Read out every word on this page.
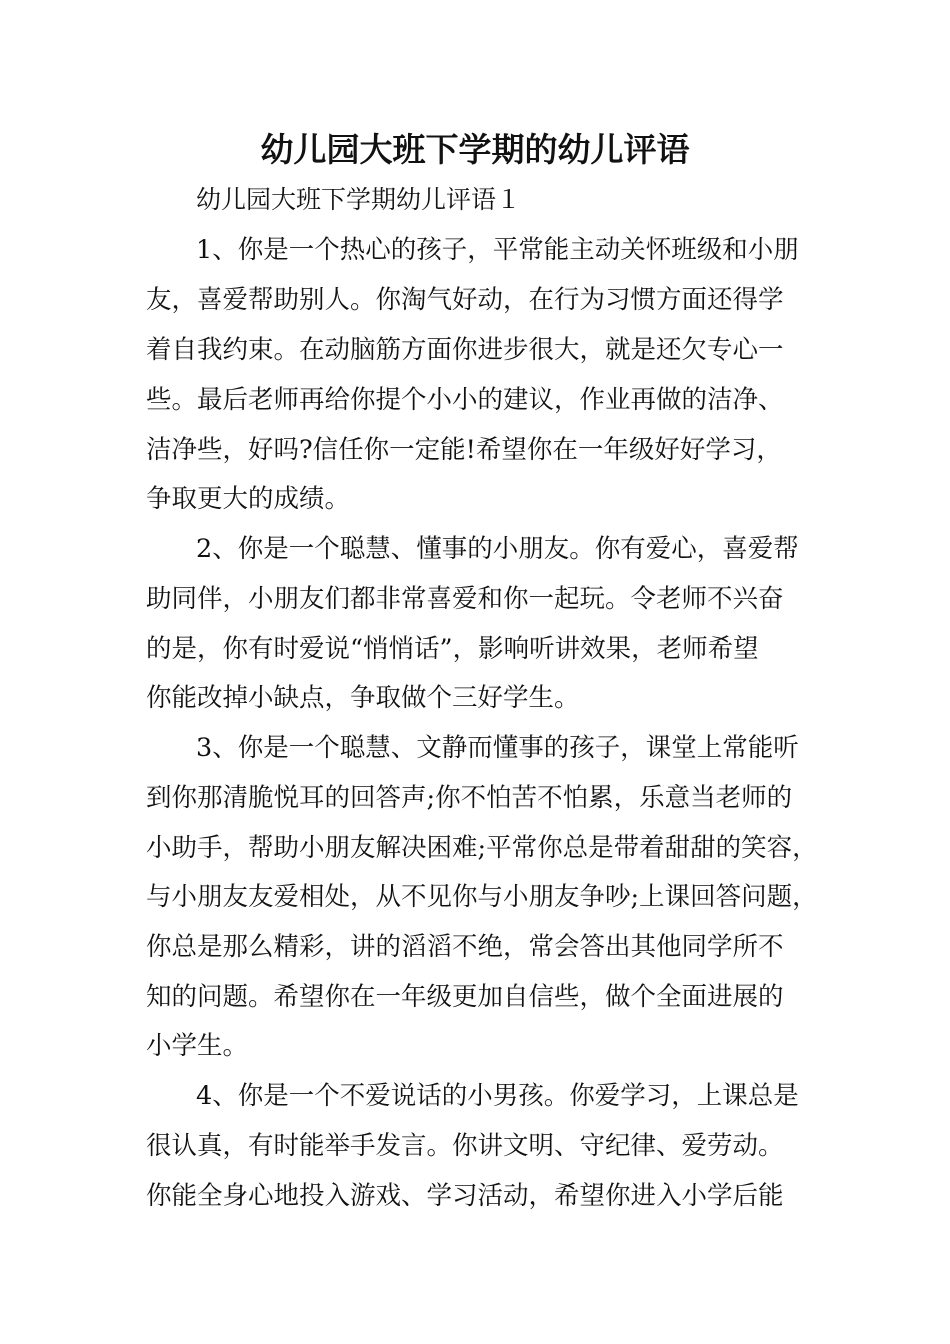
幼儿园大班下学期的幼儿评语
幼儿园大班下学期幼儿评语１
1、你是一个热心的孩子，平常能主动关怀班级和小朋
友，喜爱帮助别人。你淘气好动，在行为习惯方面还得学
着自我约束。在动脑筋方面你进步很大，就是还欠专心一
些。最后老师再给你提个小小的建议，作业再做的洁净、
洁净些，好吗?信任你一定能!希望你在一年级好好学习，
争取更大的成绩。
2、你是一个聪慧、懂事的小朋友。你有爱心，喜爱帮
助同伴，小朋友们都非常喜爱和你一起玩。令老师不兴奋
的是，你有时爱说“悄悄话”，影响听讲效果，老师希望
你能改掉小缺点，争取做个三好学生。
3、你是一个聪慧、文静而懂事的孩子，课堂上常能听
到你那清脆悦耳的回答声;你不怕苦不怕累，乐意当老师的
小助手，帮助小朋友解决困难;平常你总是带着甜甜的笑容，
与小朋友友爱相处，从不见你与小朋友争吵;上课回答问题，
你总是那么精彩，讲的滔滔不绝，常会答出其他同学所不
知的问题。希望你在一年级更加自信些，做个全面进展的
小学生。
4、你是一个不爱说话的小男孩。你爱学习，上课总是
很认真，有时能举手发言。你讲文明、守纪律、爱劳动。
你能全身心地投入游戏、学习活动，希望你进入小学后能
